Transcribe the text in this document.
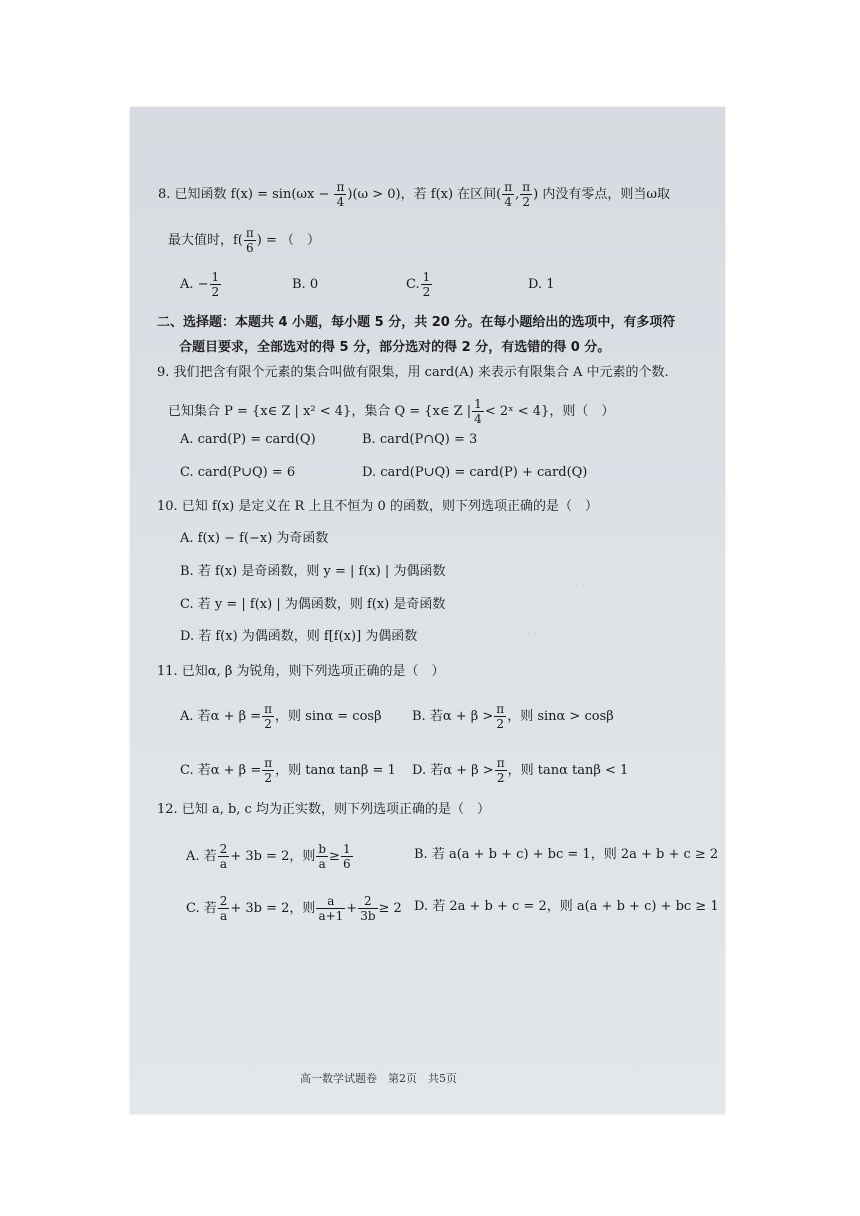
· · · · · · · ·
· · · · · · · ·
8. 已知函数 $f(x) = \sin(\omega x - \frac{\pi}{4} )(\omega > 0)$，若 f(x) 在区间( $\frac{\pi}{4}$ , $\frac{\pi}{2}$ ) 内没有零点，则当ω取
最大值时，$f( \frac{\pi}{6}$ ) = （　）
A. − $\frac{1}{2}$	B. 0	C. $\frac{1}{2}$	D. 1
二、选择题：本题共 4 小题，每小题 5 分，共 20 分。在每小题给出的选项中，有多项符
合题目要求，全部选对的得 5 分，部分选对的得 2 分，有选错的得 0 分。
9. 我们把含有限个元素的集合叫做有限集，用 card(A) 来表示有限集合 A 中元素的个数.
已知集合 P = {x∈ Z | x² < 4}，集合 Q = {x∈ Z | $\frac{1}{4}$ < 2ˣ < 4}，则（　）
A. card(P) = card(Q)	B. card(P∩Q) = 3
C. card(P∪Q) = 6	D. card(P∪Q) = card(P) + card(Q)
10. 已知 f(x) 是定义在 R 上且不恒为 0 的函数，则下列选项正确的是（　）
A. f(x) − f(−x) 为奇函数
B. 若 f(x) 是奇函数，则 y = | f(x) | 为偶函数
C. 若 y = | f(x) | 为偶函数，则 f(x) 是奇函数
D. 若 f(x) 为偶函数，则 f[f(x)] 为偶函数
11. 已知α, β 为锐角，则下列选项正确的是（　）
A. 若$\alpha + \beta = \frac{\pi}{2}$ ，则 sinα = cosβ B. 若$\alpha + \beta > \frac{\pi}{2}$ ，则 sinα > cosβ
C. 若$\alpha + \beta = \frac{\pi}{2}$ ，则 tanα tanβ = 1 D. 若$\alpha + \beta > \frac{\pi}{2}$ ，则 tanα tanβ < 1
12. 已知 a, b, c 均为正实数，则下列选项正确的是（　）
A. 若 $\frac{2}{a} + 3b = 2$，则 $\frac{b}{a} \ge \frac{1}{6}$	B. 若 a(a + b + c) + bc = 1，则 2a + b + c ≥ 2
C. 若 $\frac{2}{a} + 3b = 2$，则 $\frac{a}{a+1} + \frac{2}{3b} \ge 2$ D. 若 2a + b + c = 2，则 a(a + b + c) + bc ≥ 1
高一数学试题卷　第2页　共5页
